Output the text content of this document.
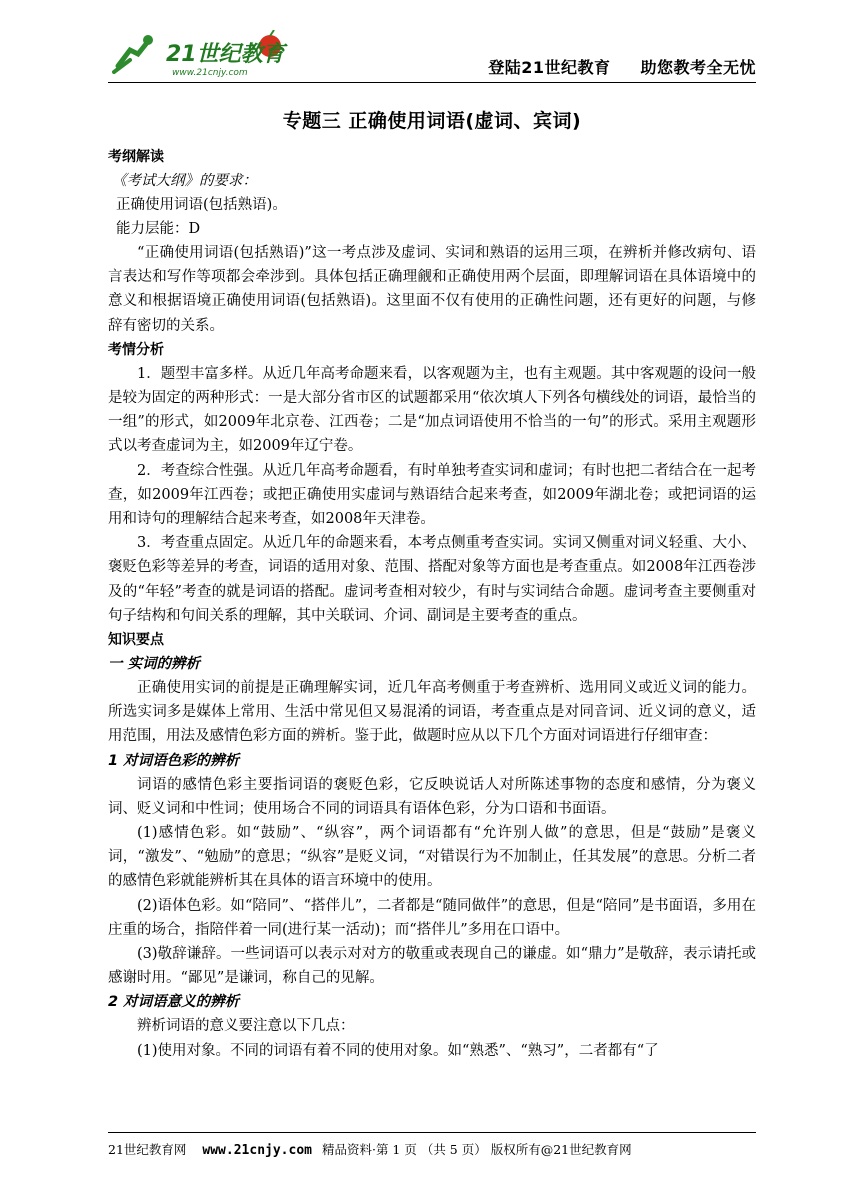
21世纪教育
www.21cnjy.com	登陆21世纪教育 助您教考全无忧
专题三 正确使用词语(虚词、宾词)

考纲解读

《考试大纲》的要求：

正确使用词语(包括熟语)。

能力层能：D

“正确使用词语(包括熟语)”这一考点涉及虚词、实词和熟语的运用三项，在辨析并修改病句、语言表达和写作等项都会牵涉到。具体包括正确理觎和正确使用两个层面，即理解词语在具体语境中的意义和根据语境正确使用词语(包括熟语)。这里面不仅有使用的正确性问题，还有更好的问题，与修辞有密切的关系。

考情分析

1．题型丰富多样。从近几年高考命题来看，以客观题为主，也有主观题。其中客观题的设问一般是较为固定的两种形式：一是大部分省市区的试题都采用“依次填人下列各句横线处的词语，最恰当的一组”的形式，如2009年北京卷、江西卷；二是“加点词语使用不恰当的一句”的形式。采用主观题形式以考查虚词为主，如2009年辽宁卷。

2．考查综合性强。从近几年高考命题看，有时单独考查实词和虚词；有时也把二者结合在一起考查，如2009年江西卷；或把正确使用实虚词与熟语结合起来考查，如2009年湖北卷；或把词语的运用和诗句的理解结合起来考查，如2008年天津卷。

3．考查重点固定。从近几年的命题来看，本考点侧重考查实词。实词又侧重对词义轻重、大小、褒贬色彩等差异的考查，词语的适用对象、范围、搭配对象等方面也是考查重点。如2008年江西卷涉及的“年轻”考查的就是词语的搭配。虚词考查相对较少，有时与实词结合命题。虚词考查主要侧重对句子结构和句间关系的理解，其中关联词、介词、副词是主要考查的重点。

知识要点

一 实词的辨析

正确使用实词的前提是正确理解实词，近几年高考侧重于考查辨析、选用同义或近义词的能力。所选实词多是媒体上常用、生活中常见但又易混淆的词语，考查重点是对同音词、近义词的意义，适用范围，用法及感情色彩方面的辨析。鉴于此，做题时应从以下几个方面对词语进行仔细审查：

1 对词语色彩的辨析

词语的感情色彩主要指词语的褒贬色彩，它反映说话人对所陈述事物的态度和感情，分为褒义词、贬义词和中性词；使用场合不同的词语具有语体色彩，分为口语和书面语。

(1)感情色彩。如“鼓励”、“纵容”，两个词语都有“允许别人做”的意思，但是“鼓励”是褒义词，“激发”、“勉励”的意思；“纵容”是贬义词，“对错误行为不加制止，任其发展”的意思。分析二者的感情色彩就能辨析其在具体的语言环境中的使用。

(2)语体色彩。如“陪同”、“搭伴儿”，二者都是“随同做伴”的意思，但是“陪同”是书面语，多用在庄重的场合，指陪伴着一同(进行某一活动)；而“搭伴儿”多用在口语中。

(3)敬辞谦辞。一些词语可以表示对对方的敬重或表现自己的谦虚。如“鼎力”是敬辞，表示请托或感谢时用。“鄙见”是谦词，称自己的见解。

2 对词语意义的辨析

辨析词语的意义要注意以下几点：

(1)使用对象。不同的词语有着不同的使用对象。如“熟悉”、“熟习”，二者都有“了

21世纪教育网 www.21cnjy.com 精品资料·第 1 页 （共 5 页） 版权所有@21世纪教育网
